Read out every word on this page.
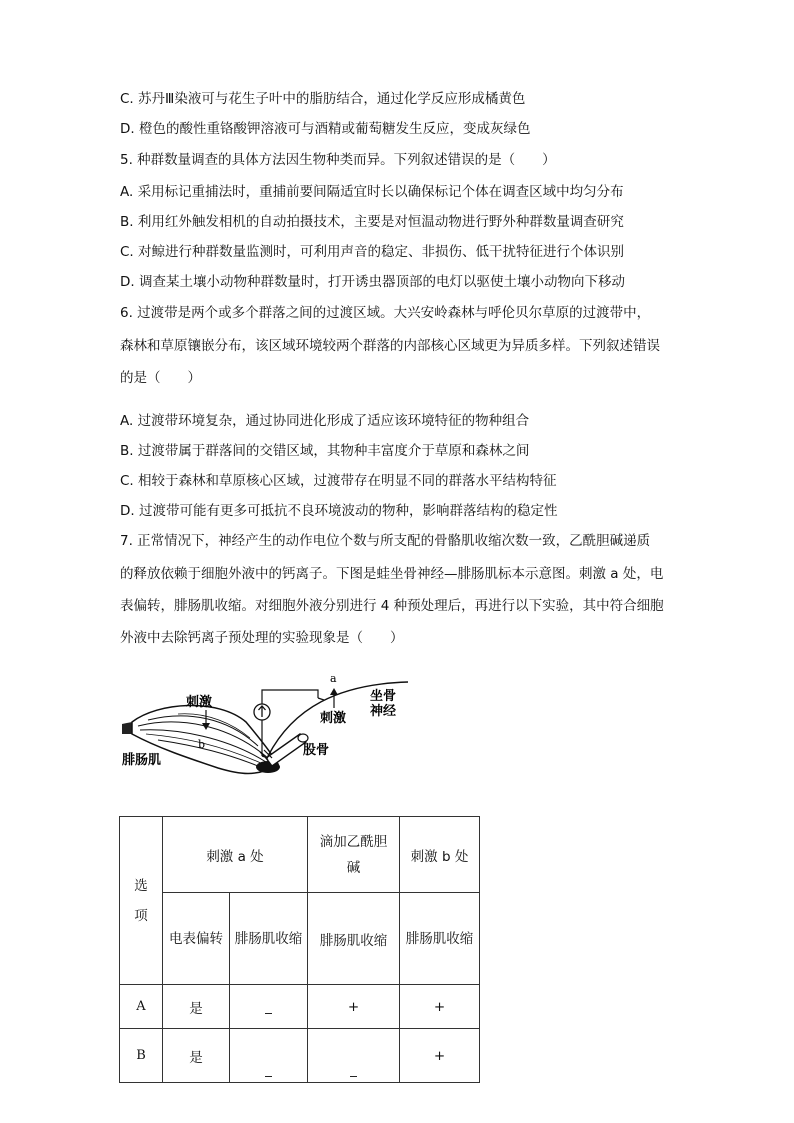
C. 苏丹Ⅲ染液可与花生子叶中的脂肪结合，通过化学反应形成橘黄色
D. 橙色的酸性重铬酸钾溶液可与酒精或葡萄糖发生反应，变成灰绿色
5. 种群数量调查的具体方法因生物种类而异。下列叙述错误的是（　　）
A. 采用标记重捕法时，重捕前要间隔适宜时长以确保标记个体在调查区域中均匀分布
B. 利用红外触发相机的自动拍摄技术，主要是对恒温动物进行野外种群数量调查研究
C. 对鲸进行种群数量监测时，可利用声音的稳定、非损伤、低干扰特征进行个体识别
D. 调查某土壤小动物种群数量时，打开诱虫器顶部的电灯以驱使土壤小动物向下移动
6. 过渡带是两个或多个群落之间的过渡区域。大兴安岭森林与呼伦贝尔草原的过渡带中，
森林和草原镶嵌分布，该区域环境较两个群落的内部核心区域更为异质多样。下列叙述错误
的是（　　）
A. 过渡带环境复杂，通过协同进化形成了适应该环境特征的物种组合
B. 过渡带属于群落间的交错区域，其物种丰富度介于草原和森林之间
C. 相较于森林和草原核心区域，过渡带存在明显不同的群落水平结构特征
D. 过渡带可能有更多可抵抗不良环境波动的物种，影响群落结构的稳定性
7. 正常情况下，神经产生的动作电位个数与所支配的骨骼肌收缩次数一致，乙酰胆碱递质
的释放依赖于细胞外液中的钙离子。下图是蛙坐骨神经—腓肠肌标本示意图。刺激 a 处，电
表偏转，腓肠肌收缩。对细胞外液分别进行 4 种预处理后，再进行以下实验，其中符合细胞
外液中去除钙离子预处理的实验现象是（　　）
a
b
刺激
刺激
坐骨
神经
股骨
腓肠肌
选项	刺激 a 处		滴加乙酰胆碱	刺激 b 处

	电表偏转	腓肠肌收缩	腓肠肌收缩	腓肠肌收缩

A	是	_	+	+
B	是	_	_	+
